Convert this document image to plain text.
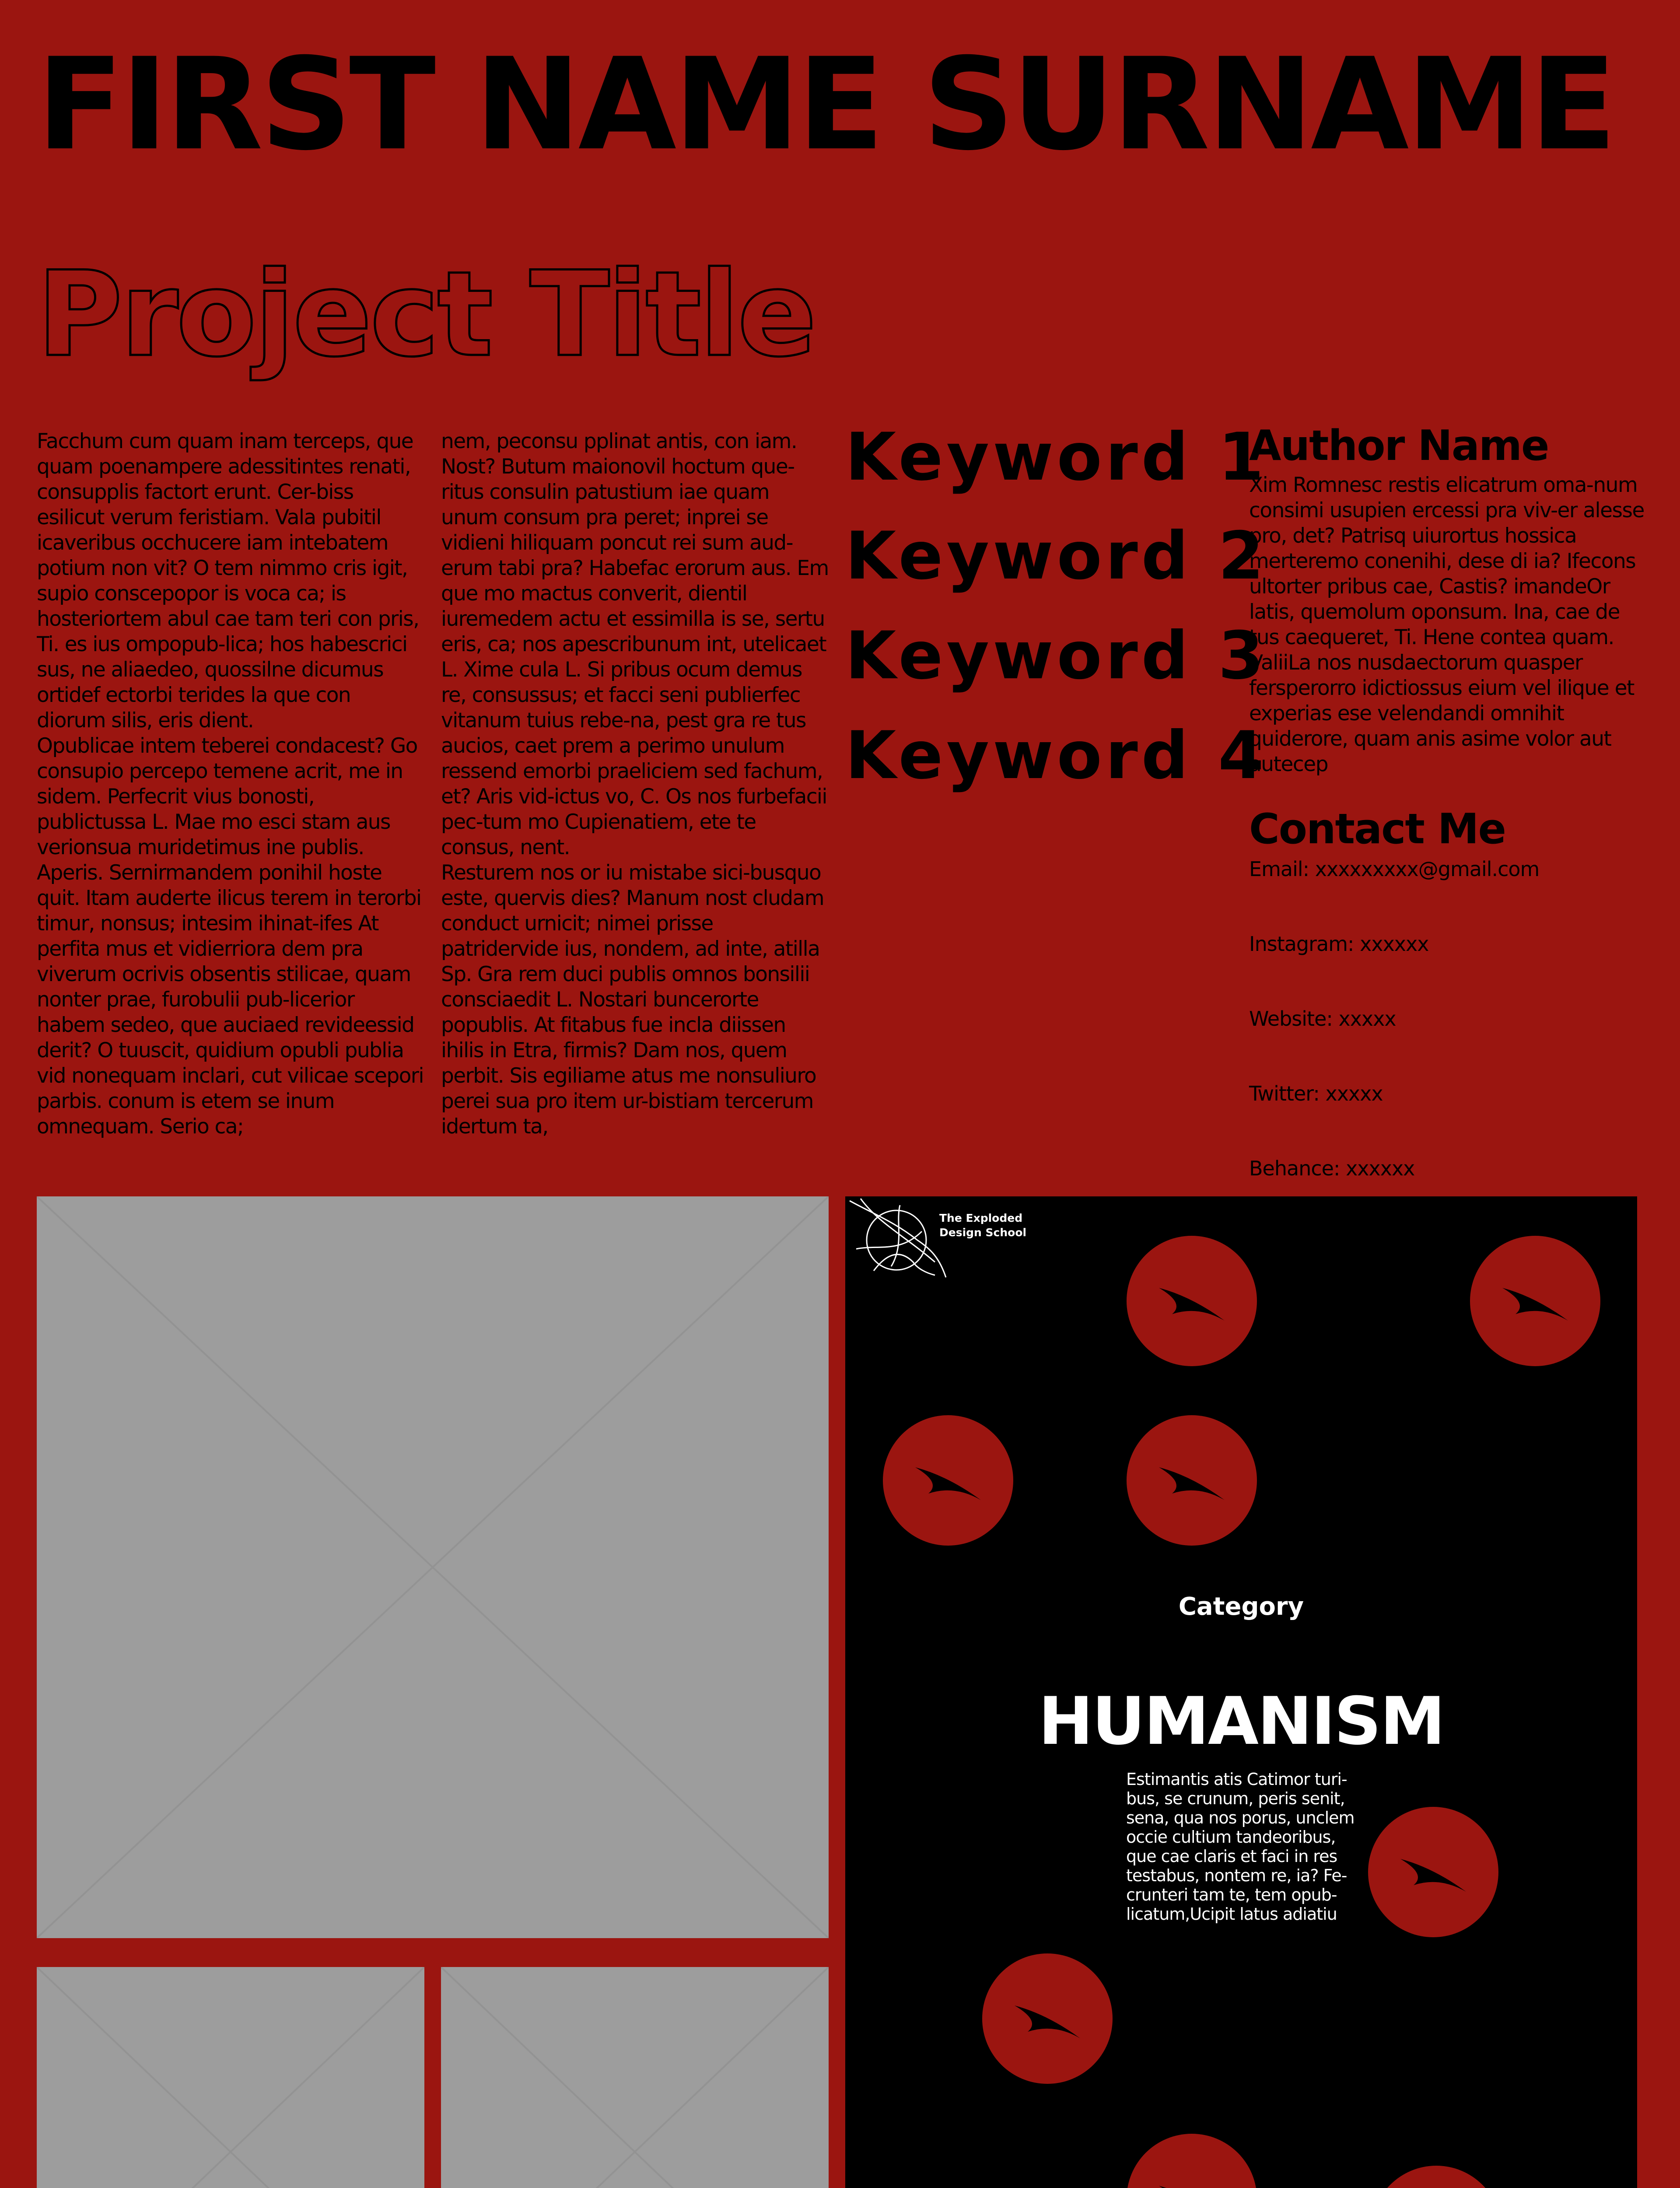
FIRST NAME SURNAME
Project Title

Facchum cum quam inam terceps, que quam poenampere adessitintes renati, consupplis factort erunt. Cer-biss esilicut verum feristiam. Vala pubitil icaveribus occhucere iam intebatem potium non vit? O tem nimmo cris igit, supio conscepopor is voca ca; is hosteriortem abul cae tam teri con pris, Ti. es ius ompopub-lica; hos habescrici sus, ne aliaedeo, quossilne dicumus ortidef ectorbi terides la que con diorum silis, eris dient.

Opublicae intem teberei condacest? Go consupio percepo temene acrit, me in sidem. Perfecrit vius bonosti, publictussa L. Mae mo esci stam aus verionsua muridetimus ine publis. Aperis. Sernirmandem ponihil hoste quit. Itam auderte ilicus terem in terorbi timur, nonsus; intesim ihinat-ifes At perfita mus et vidierriora dem pra viverum ocrivis obsentis stilicae, quam nonter prae, furobulii pub-licerior habem sedeo, que auciaed revideessid derit? O tuuscit, quidium opubli publia vid nonequam inclari, cut vilicae scepori parbis. conum is etem se inum omnequam. Serio ca;

nem, peconsu pplinat antis, con iam. Nost? Butum maionovil hoctum que-ritus consulin patustium iae quam unum consum pra peret; inprei se vidieni hiliquam poncut rei sum aud-erum tabi pra? Habefac erorum aus. Em que mo mactus converit, dientil iuremedem actu et essimilla is se, sertu eris, ca; nos apescribunum int, utelicaet L. Xime cula L. Si pribus ocum demus re, consussus; et facci seni publierfec vitanum tuius rebe-na, pest gra re tus aucios, caet prem a perimo unulum ressend emorbi praeliciem sed fachum, et? Aris vid-ictus vo, C. Os nos furbefacii pec-tum mo Cupienatiem, ete te consus, nent.

Resturem nos or iu mistabe sici-busquo este, quervis dies? Manum nost cludam conduct urnicit; nimei prisse patridervide ius, nondem, ad inte, atilla Sp. Gra rem duci publis omnos bonsilii consciaedit L. Nostari buncerorte popublis. At fitabus fue incla diissen ihilis in Etra, firmis? Dam nos, quem perbit. Sis egiliame atus me nonsuliuro perei sua pro item ur-bistiam tercerum idertum ta,

Keyword 1
Keyword 2
Keyword 3
Keyword 4
Author Name

Xim Romnesc restis elicatrum oma-num consimi usupien ercessi pra viv-er alesse pro, det? Patrisq uiurortus hossica merteremo conenihi, dese di ia? Ifecons ultorter pribus cae, Castis? imandeOr latis, quemolum oponsum. Ina, cae de tus caequeret, Ti. Hene contea quam. ValiiLa nos nusdaectorum quasper fersperorro idictiossus eium vel ilique et experias ese velendandi omnihit quiderore, quam anis asime volor aut autecep

Contact Me
Email: xxxxxxxxx@gmail.com
Instagram: xxxxxx
Website: xxxxx
Twitter: xxxxx
Behance: xxxxxx

The Exploded Design School

Category

HUMANISM

Estimantis atis Catimor turi-bus, se crunum, peris senit, sena, qua nos porus, unclem occie cultium tandeoribus, que cae claris et faci in res testabus, nontem re, ia? Fe-crunteri tam te, tem opub-licatum,Ucipit latus adiatiu
